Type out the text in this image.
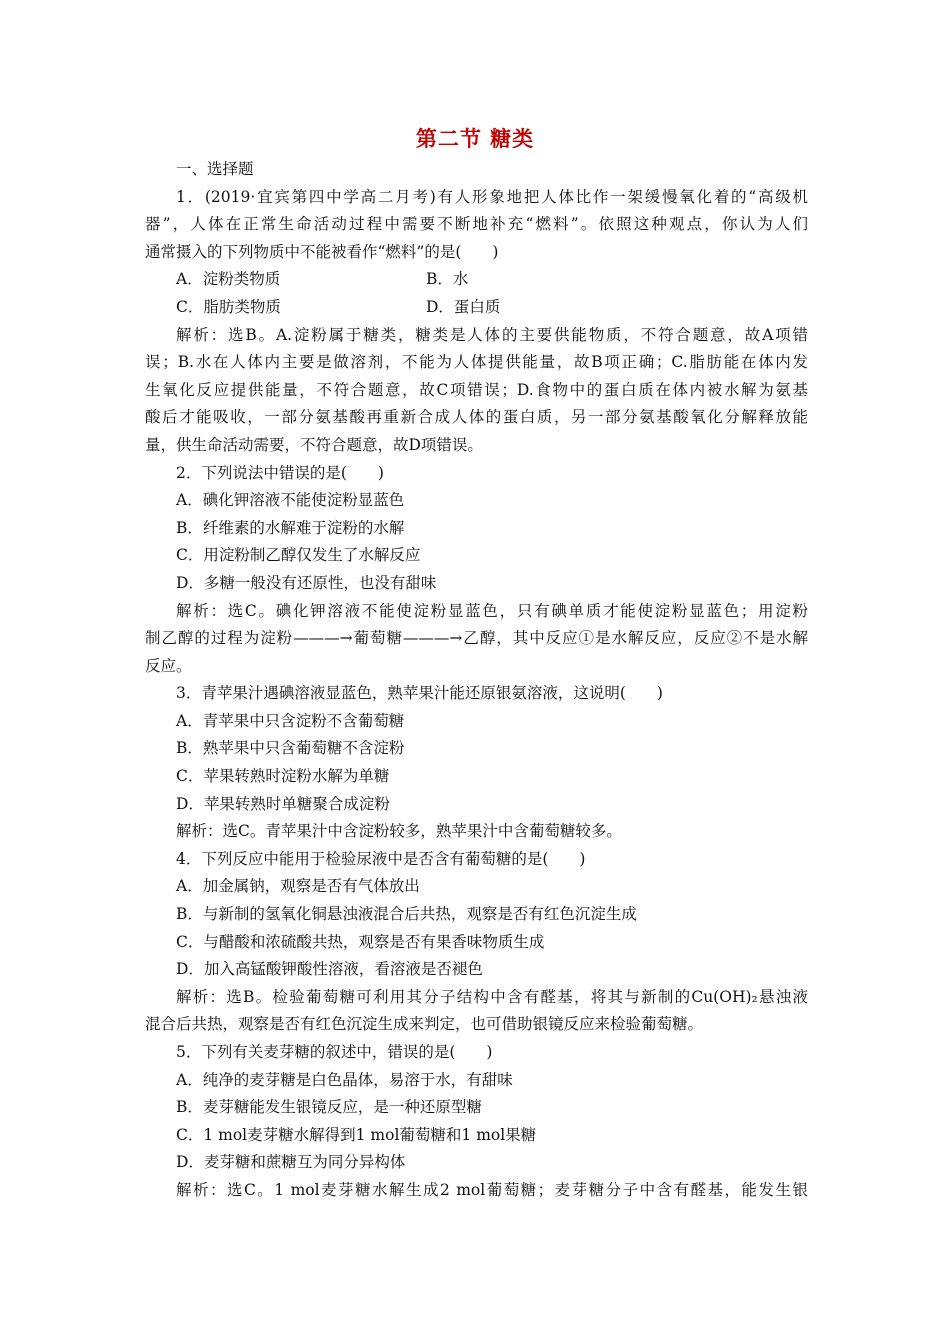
第二节 糖类
一、选择题
1．(2019·宜宾第四中学高二月考)有人形象地把人体比作一架缓慢氧化着的“高级机
器”，人体在正常生命活动过程中需要不断地补充“燃料”。依照这种观点，你认为人们
通常摄入的下列物质中不能被看作“燃料”的是(　　)
A．淀粉类物质	B．水
C．脂肪类物质	D．蛋白质
解析：选B。A.淀粉属于糖类，糖类是人体的主要供能物质，不符合题意，故A项错
误；B.水在人体内主要是做溶剂，不能为人体提供能量，故B项正确；C.脂肪能在体内发
生氧化反应提供能量，不符合题意，故C项错误；D.食物中的蛋白质在体内被水解为氨基
酸后才能吸收，一部分氨基酸再重新合成人体的蛋白质，另一部分氨基酸氧化分解释放能
量，供生命活动需要，不符合题意，故D项错误。
2．下列说法中错误的是(　　)
A．碘化钾溶液不能使淀粉显蓝色
B．纤维素的水解难于淀粉的水解
C．用淀粉制乙醇仅发生了水解反应
D．多糖一般没有还原性，也没有甜味
解析：选C。碘化钾溶液不能使淀粉显蓝色，只有碘单质才能使淀粉显蓝色；用淀粉
制乙醇的过程为淀粉———→葡萄糖———→乙醇，其中反应①是水解反应，反应②不是水解
反应。
3．青苹果汁遇碘溶液显蓝色，熟苹果汁能还原银氨溶液，这说明(　　)
A．青苹果中只含淀粉不含葡萄糖
B．熟苹果中只含葡萄糖不含淀粉
C．苹果转熟时淀粉水解为单糖
D．苹果转熟时单糖聚合成淀粉
解析：选C。青苹果汁中含淀粉较多，熟苹果汁中含葡萄糖较多。
4．下列反应中能用于检验尿液中是否含有葡萄糖的是(　　)
A．加金属钠，观察是否有气体放出
B．与新制的氢氧化铜悬浊液混合后共热，观察是否有红色沉淀生成
C．与醋酸和浓硫酸共热，观察是否有果香味物质生成
D．加入高锰酸钾酸性溶液，看溶液是否褪色
解析：选B。检验葡萄糖可利用其分子结构中含有醛基，将其与新制的Cu(OH)₂悬浊液
混合后共热，观察是否有红色沉淀生成来判定，也可借助银镜反应来检验葡萄糖。
5．下列有关麦芽糖的叙述中，错误的是(　　)
A．纯净的麦芽糖是白色晶体，易溶于水，有甜味
B．麦芽糖能发生银镜反应，是一种还原型糖
C．1 mol麦芽糖水解得到1 mol葡萄糖和1 mol果糖
D．麦芽糖和蔗糖互为同分异构体
解析：选C。1 mol麦芽糖水解生成2 mol葡萄糖；麦芽糖分子中含有醛基，能发生银
